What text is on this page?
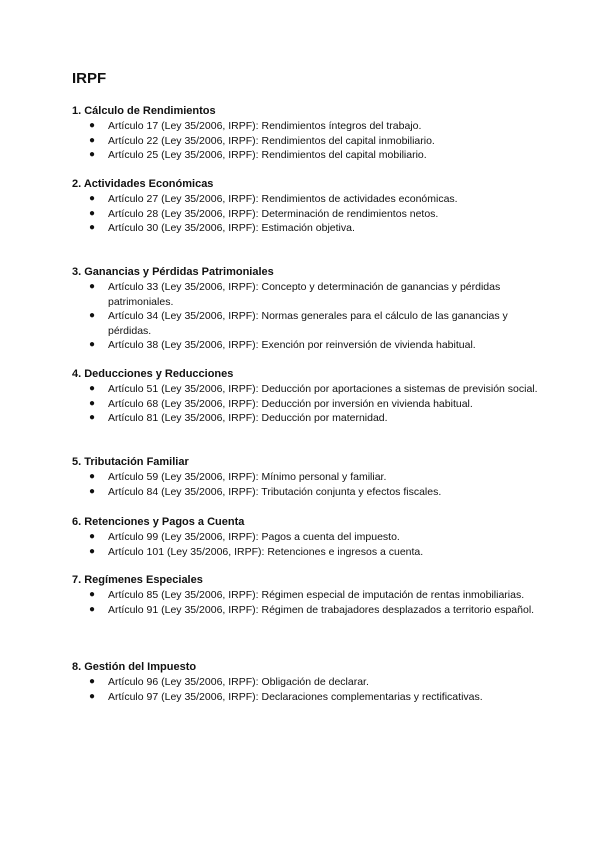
IRPF
1. Cálculo de Rendimientos
● Artículo 17 (Ley 35/2006, IRPF): Rendimientos íntegros del trabajo.
● Artículo 22 (Ley 35/2006, IRPF): Rendimientos del capital inmobiliario.
● Artículo 25 (Ley 35/2006, IRPF): Rendimientos del capital mobiliario.
2. Actividades Económicas
● Artículo 27 (Ley 35/2006, IRPF): Rendimientos de actividades económicas.
● Artículo 28 (Ley 35/2006, IRPF): Determinación de rendimientos netos.
● Artículo 30 (Ley 35/2006, IRPF): Estimación objetiva.
3. Ganancias y Pérdidas Patrimoniales
● Artículo 33 (Ley 35/2006, IRPF): Concepto y determinación de ganancias y pérdidas patrimoniales.
● Artículo 34 (Ley 35/2006, IRPF): Normas generales para el cálculo de las ganancias y pérdidas.
● Artículo 38 (Ley 35/2006, IRPF): Exención por reinversión de vivienda habitual.
4. Deducciones y Reducciones
● Artículo 51 (Ley 35/2006, IRPF): Deducción por aportaciones a sistemas de previsión social.
● Artículo 68 (Ley 35/2006, IRPF): Deducción por inversión en vivienda habitual.
● Artículo 81 (Ley 35/2006, IRPF): Deducción por maternidad.
5. Tributación Familiar
● Artículo 59 (Ley 35/2006, IRPF): Mínimo personal y familiar.
● Artículo 84 (Ley 35/2006, IRPF): Tributación conjunta y efectos fiscales.
6. Retenciones y Pagos a Cuenta
● Artículo 99 (Ley 35/2006, IRPF): Pagos a cuenta del impuesto.
● Artículo 101 (Ley 35/2006, IRPF): Retenciones e ingresos a cuenta.
7. Regímenes Especiales
● Artículo 85 (Ley 35/2006, IRPF): Régimen especial de imputación de rentas inmobiliarias.
● Artículo 91 (Ley 35/2006, IRPF): Régimen de trabajadores desplazados a territorio español.
8. Gestión del Impuesto
● Artículo 96 (Ley 35/2006, IRPF): Obligación de declarar.
● Artículo 97 (Ley 35/2006, IRPF): Declaraciones complementarias y rectificativas.
